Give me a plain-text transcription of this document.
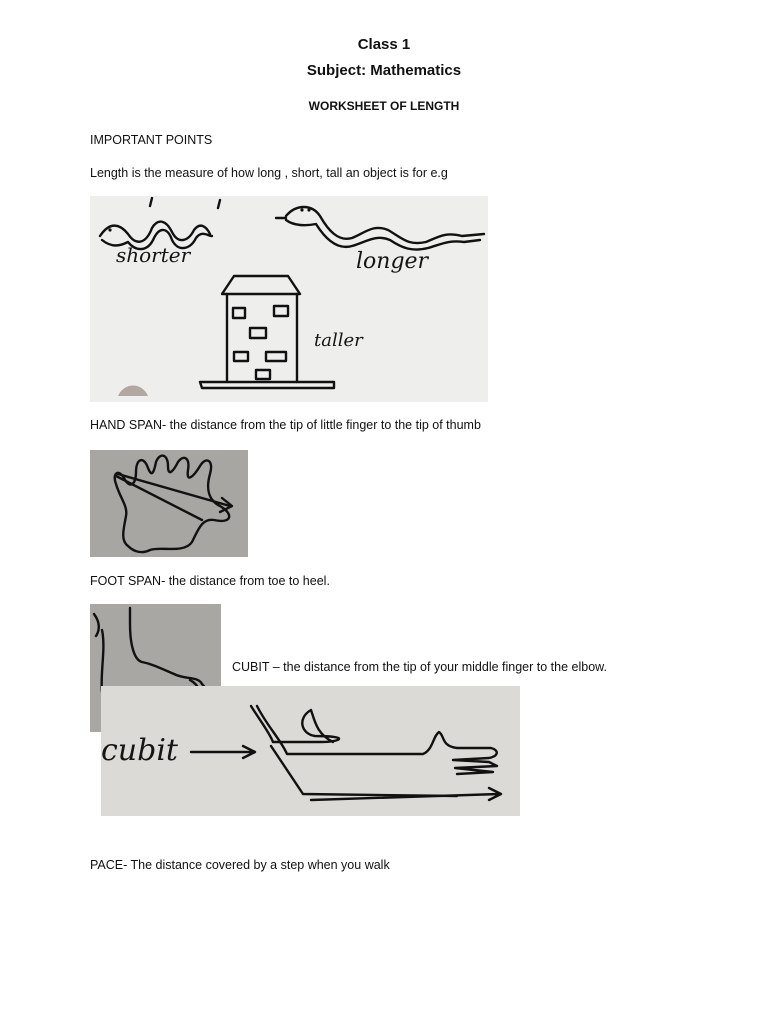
Class 1
Subject: Mathematics
WORKSHEET OF LENGTH
IMPORTANT POINTS
Length is the measure of how long , short, tall an object is for e.g
shorter	longer
taller
HAND SPAN- the distance from the tip of little finger to the tip of thumb
FOOT SPAN- the distance from toe to heel.
CUBIT – the distance from the tip of your middle finger to the elbow.
cubit
PACE- The distance covered by a step when you walk
